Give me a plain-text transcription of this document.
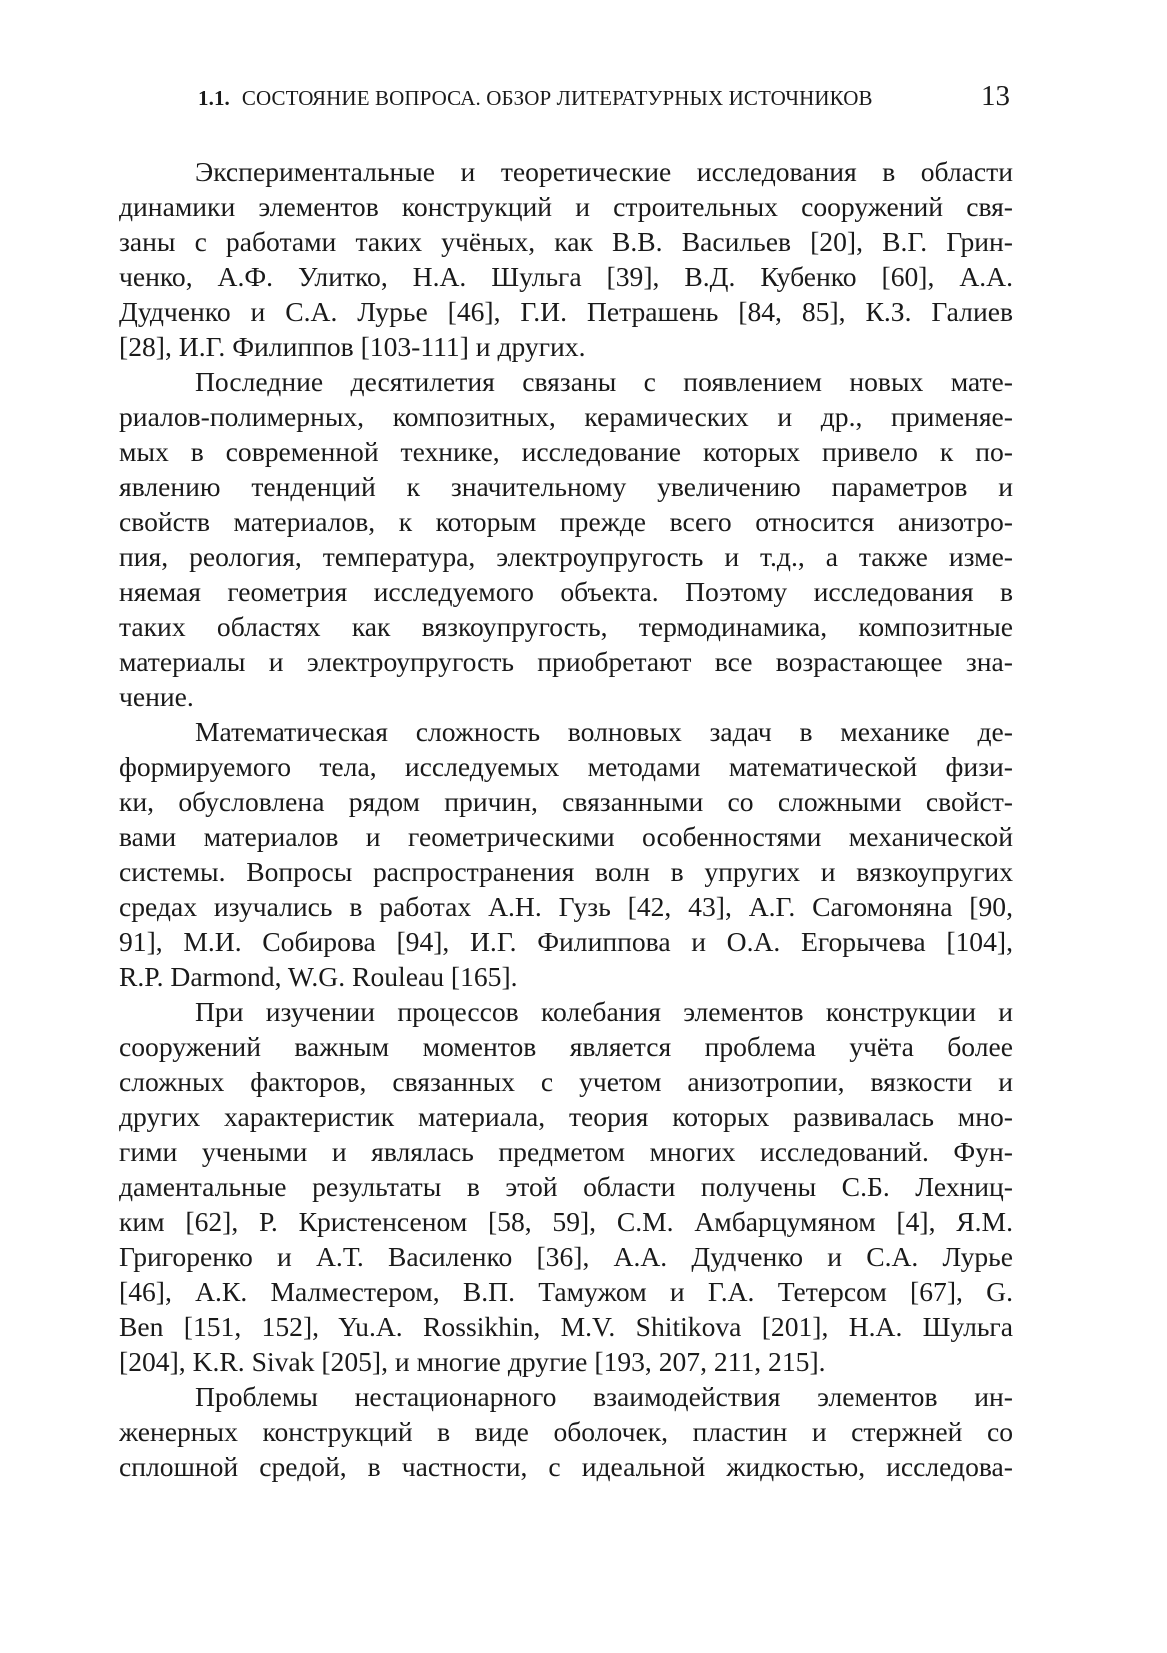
1.1. СОСТОЯНИЕ ВОПРОСА. ОБЗОР ЛИТЕРАТУРНЫХ ИСТОЧНИКОВ	13
Экспериментальные и теоретические исследования в области
динамики элементов конструкций и строительных сооружений свя-
заны с работами таких учёных, как В.В. Васильев [20], В.Г. Грин-
ченко, А.Ф. Улитко, Н.А. Шульга [39], В.Д. Кубенко [60], А.А.
Дудченко и С.А. Лурье [46], Г.И. Петрашень [84, 85], К.З. Галиев
[28], И.Г. Филиппов [103-111] и других.
Последние десятилетия связаны с появлением новых мате-
риалов-полимерных, композитных, керамических и др., применяе-
мых в современной технике, исследование которых привело к по-
явлению тенденций к значительному увеличению параметров и
свойств материалов, к которым прежде всего относится анизотро-
пия, реология, температура, электроупругость и т.д., а также изме-
няемая геометрия исследуемого объекта. Поэтому исследования в
таких областях как вязкоупругость, термодинамика, композитные
материалы и электроупругость приобретают все возрастающее зна-
чение.
Математическая сложность волновых задач в механике де-
формируемого тела, исследуемых методами математической физи-
ки, обусловлена рядом причин, связанными со сложными свойст-
вами материалов и геометрическими особенностями механической
системы. Вопросы распространения волн в упругих и вязкоупругих
средах изучались в работах А.Н. Гузь [42, 43], А.Г. Сагомоняна [90,
91], М.И. Собирова [94], И.Г. Филиппова и О.А. Егорычева [104],
R.P. Darmond, W.G. Rouleau [165].
При изучении процессов колебания элементов конструкции и
сооружений важным моментов является проблема учёта более
сложных факторов, связанных с учетом анизотропии, вязкости и
других характеристик материала, теория которых развивалась мно-
гими учеными и являлась предметом многих исследований. Фун-
даментальные результаты в этой области получены С.Б. Лехниц-
ким [62], Р. Кристенсеном [58, 59], С.М. Амбарцумяном [4], Я.М.
Григоренко и А.Т. Василенко [36], А.А. Дудченко и С.А. Лурье
[46], А.К. Малместером, В.П. Тамужом и Г.А. Тетерсом [67], G.
Ben [151, 152], Yu.A. Rossikhin, M.V. Shitikova [201], Н.А. Шульга
[204], K.R. Sivak [205], и многие другие [193, 207, 211, 215].
Проблемы нестационарного взаимодействия элементов ин-
женерных конструкций в виде оболочек, пластин и стержней со
сплошной средой, в частности, с идеальной жидкостью, исследова-
